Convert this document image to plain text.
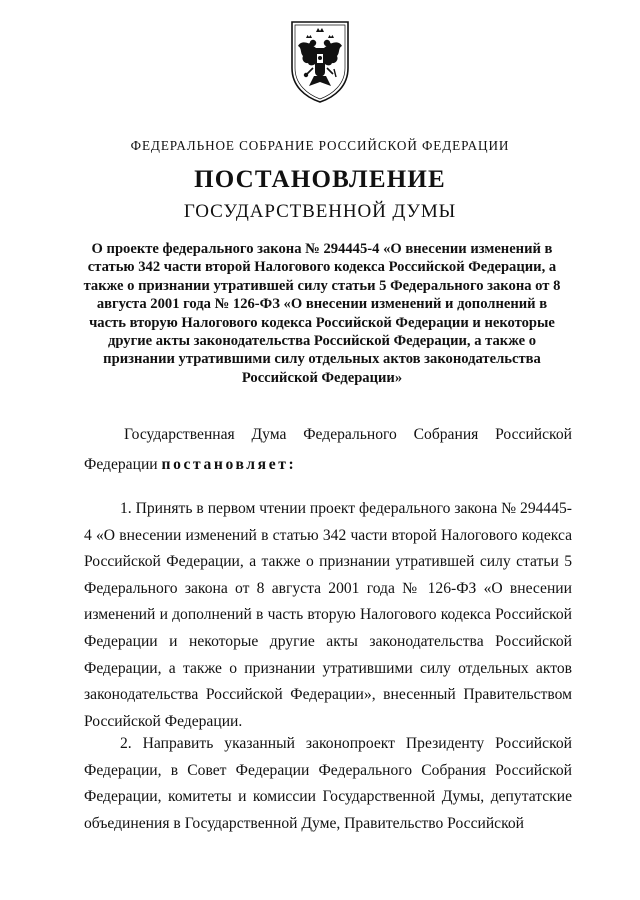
ФЕДЕРАЛЬНОЕ СОБРАНИЕ РОССИЙСКОЙ ФЕДЕРАЦИИ
ПОСТАНОВЛЕНИЕ
ГОСУДАРСТВЕННОЙ ДУМЫ
О проекте федерального закона № 294445-4 «О внесении изменений в статью 342 части второй Налогового кодекса Российской Федерации, а также о признании утратившей силу статьи 5 Федерального закона от 8 августа 2001 года № 126-ФЗ «О внесении изменений и дополнений в часть вторую Налогового кодекса Российской Федерации и некоторые другие акты законодательства Российской Федерации, а также о признании утратившими силу отдельных актов законодательства Российской Федерации»
Государственная Дума Федерального Собрания Российской Федерации постановляет:
1. Принять в первом чтении проект федерального закона № 294445-4 «О внесении изменений в статью 342 части второй Налогового кодекса Российской Федерации, а также о признании утратившей силу статьи 5 Федерального закона от 8 августа 2001 года № 126-ФЗ «О внесении изменений и дополнений в часть вторую Налогового кодекса Российской Федерации и некоторые другие акты законодательства Российской Федерации, а также о признании утратившими силу отдельных актов законодательства Российской Федерации», внесенный Правительством Российской Федерации.
2. Направить указанный законопроект Президенту Российской Федерации, в Совет Федерации Федерального Собрания Российской Федерации, комитеты и комиссии Государственной Думы, депутатские объединения в Государственной Думе, Правительство Российской
